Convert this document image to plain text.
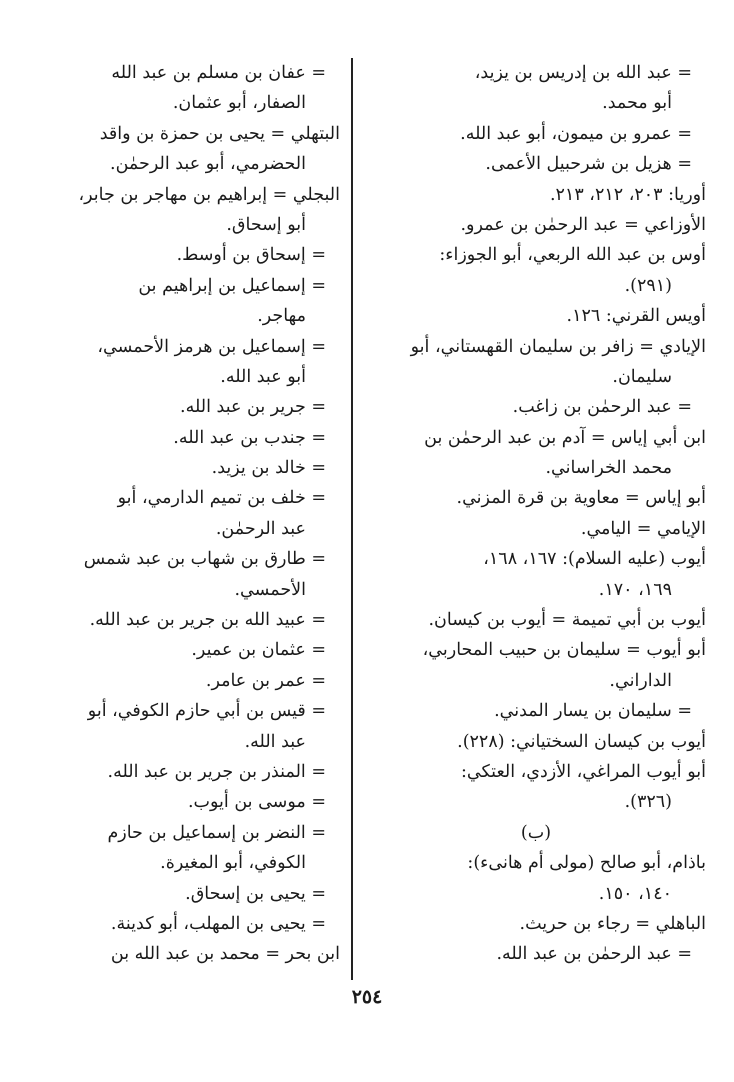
= عبد الله بن إدريس بن يزيد،
أبو محمد.
= عمرو بن ميمون، أبو عبد الله.
= هزيل بن شرحبيل الأعمى.
أوريا: ٢٠٣، ٢١٢، ٢١٣.
الأوزاعي = عبد الرحمٰن بن عمرو.
أوس بن عبد الله الربعي، أبو الجوزاء:
(٢٩١).
أويس القرني: ١٢٦.
الإيادي = زافر بن سليمان القهستاني، أبو
سليمان.
= عبد الرحمٰن بن زاغب.
ابن أبي إياس = آدم بن عبد الرحمٰن بن
محمد الخراساني.
أبو إياس = معاوية بن قرة المزني.
الإيامي = اليامي.
أيوب (عليه السلام): ١٦٧، ١٦٨،
١٦٩، ١٧٠.
أيوب بن أبي تميمة = أيوب بن كيسان.
أبو أيوب = سليمان بن حبيب المحاربي،
الداراني.
= سليمان بن يسار المدني.
أيوب بن كيسان السختياني: (٢٢٨).
أبو أيوب المراغي، الأزدي، العتكي:
(٣٢٦).
(ب)
باذام، أبو صالح (مولى أم هانىء):
١٤٠، ١٥٠.
الباهلي = رجاء بن حريث.
= عبد الرحمٰن بن عبد الله.
= عفان بن مسلم بن عبد الله
الصفار، أبو عثمان.
البتهلي = يحيى بن حمزة بن واقد
الحضرمي، أبو عبد الرحمٰن.
البجلي = إبراهيم بن مهاجر بن جابر،
أبو إسحاق.
= إسحاق بن أوسط.
= إسماعيل بن إبراهيم بن
مهاجر.
= إسماعيل بن هرمز الأحمسي،
أبو عبد الله.
= جرير بن عبد الله.
= جندب بن عبد الله.
= خالد بن يزيد.
= خلف بن تميم الدارمي، أبو
عبد الرحمٰن.
= طارق بن شهاب بن عبد شمس
الأحمسي.
= عبيد الله بن جرير بن عبد الله.
= عثمان بن عمير.
= عمر بن عامر.
= قيس بن أبي حازم الكوفي، أبو
عبد الله.
= المنذر بن جرير بن عبد الله.
= موسى بن أيوب.
= النضر بن إسماعيل بن حازم
الكوفي، أبو المغيرة.
= يحيى بن إسحاق.
= يحيى بن المهلب، أبو كدينة.
ابن بحر = محمد بن عبد الله بن
٢٥٤
